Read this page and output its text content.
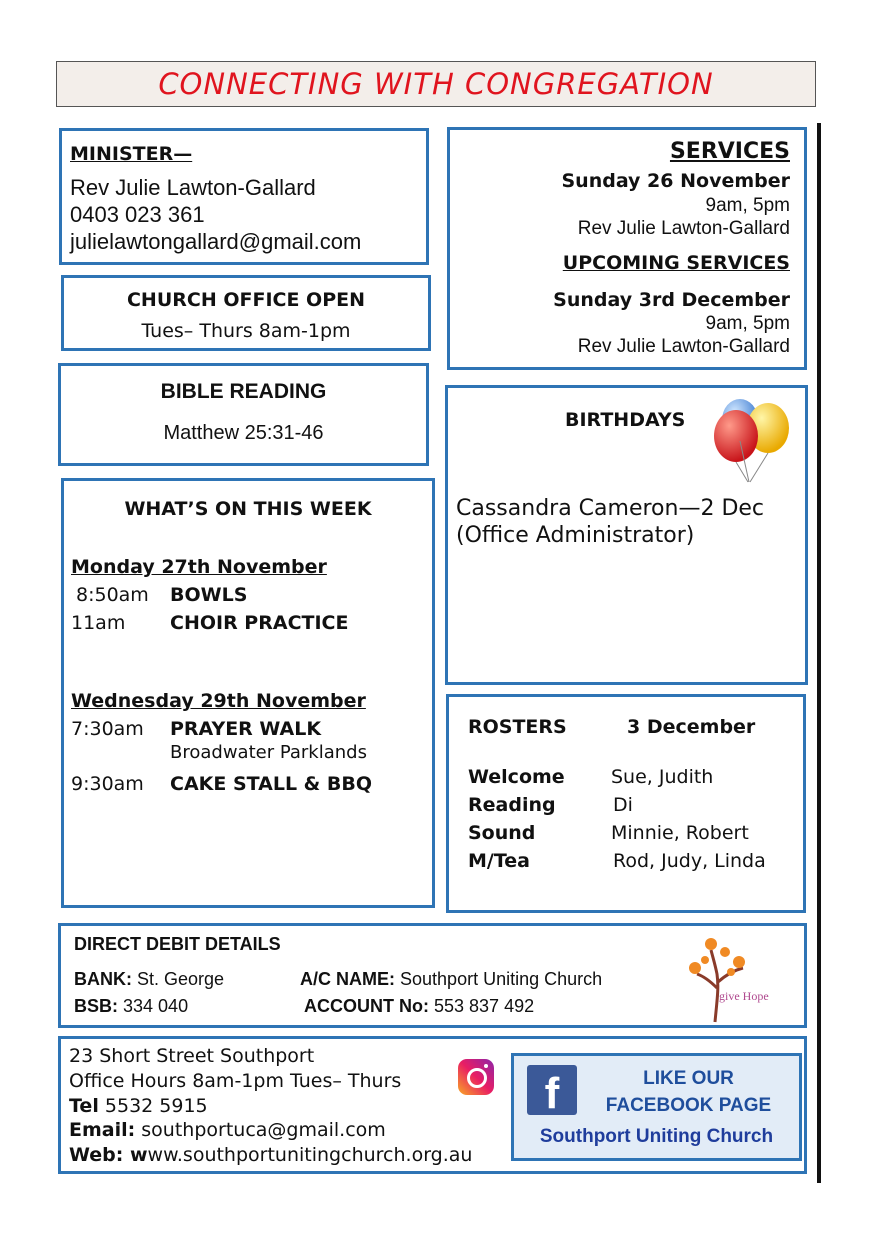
CONNECTING WITH CONGREGATION
MINISTER—
Rev Julie Lawton-Gallard
0403 023 361
julielawtongallard@gmail.com
CHURCH OFFICE OPEN
Tues– Thurs 8am-1pm
BIBLE READING
Matthew 25:31-46
WHAT’S ON THIS WEEK
Monday 27th November
8:50am BOWLS
11am CHOIR PRACTICE
Wednesday 29th November
7:30am PRAYER WALK
Broadwater Parklands
9:30am CAKE STALL & BBQ
SERVICES
Sunday 26 November
9am, 5pm
Rev Julie Lawton-Gallard
UPCOMING SERVICES
Sunday 3rd December
9am, 5pm
Rev Julie Lawton-Gallard
BIRTHDAYS
Cassandra Cameron—2 Dec
(Office Administrator)
ROSTERS	3 December
Welcome Sue, Judith
Reading	Di
Sound	Minnie, Robert
M/Tea	Rod, Judy, Linda
DIRECT DEBIT DETAILS
BANK: St. George	A/C NAME: Southport Uniting Church
BSB: 334 040	ACCOUNT No: 553 837 492	give Hope
23 Short Street Southport
Office Hours 8am-1pm Tues– Thurs
Tel 5532 5915
Email: southportuca@gmail.com
Web: www.southportunitingchurch.org.au
f	LIKE OUR
FACEBOOK PAGE
Southport Uniting Church
